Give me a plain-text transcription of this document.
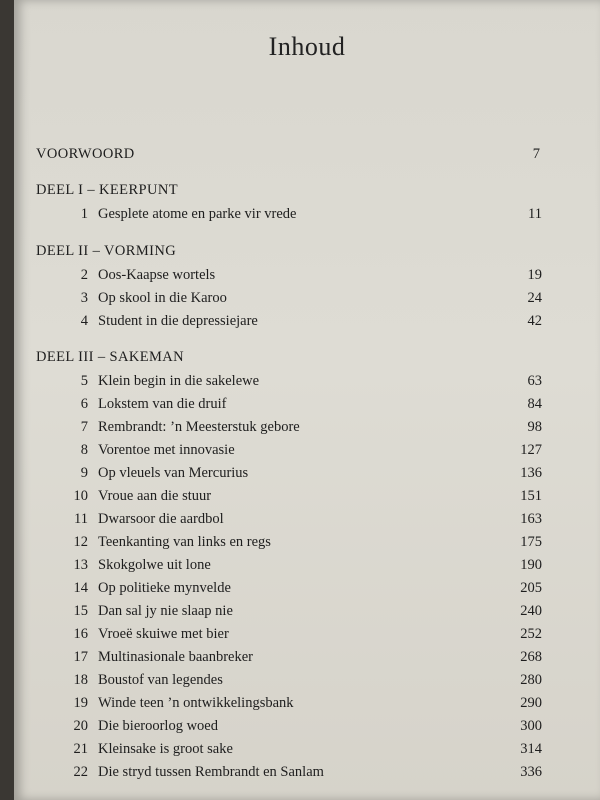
Inhoud
VOORWOORD	7
DEEL I – KEERPUNT
1 Gesplete atome en parke vir vrede	11
DEEL II – VORMING
2 Oos-Kaapse wortels	19
3 Op skool in die Karoo	24
4 Student in die depressiejare	42
DEEL III – SAKEMAN
5 Klein begin in die sakelewe	63
6 Lokstem van die druif	84
7 Rembrandt: ’n Meesterstuk gebore	98
8 Vorentoe met innovasie	127
9 Op vleuels van Mercurius	136
10 Vroue aan die stuur	151
11 Dwarsoor die aardbol	163
12 Teenkanting van links en regs	175
13 Skokgolwe uit lone	190
14 Op politieke mynvelde	205
15 Dan sal jy nie slaap nie	240
16 Vroeë skuiwe met bier	252
17 Multinasionale baanbreker	268
18 Boustof van legendes	280
19 Winde teen ’n ontwikkelingsbank	290
20 Die bieroorlog woed	300
21 Kleinsake is groot sake	314
22 Die stryd tussen Rembrandt en Sanlam	336
